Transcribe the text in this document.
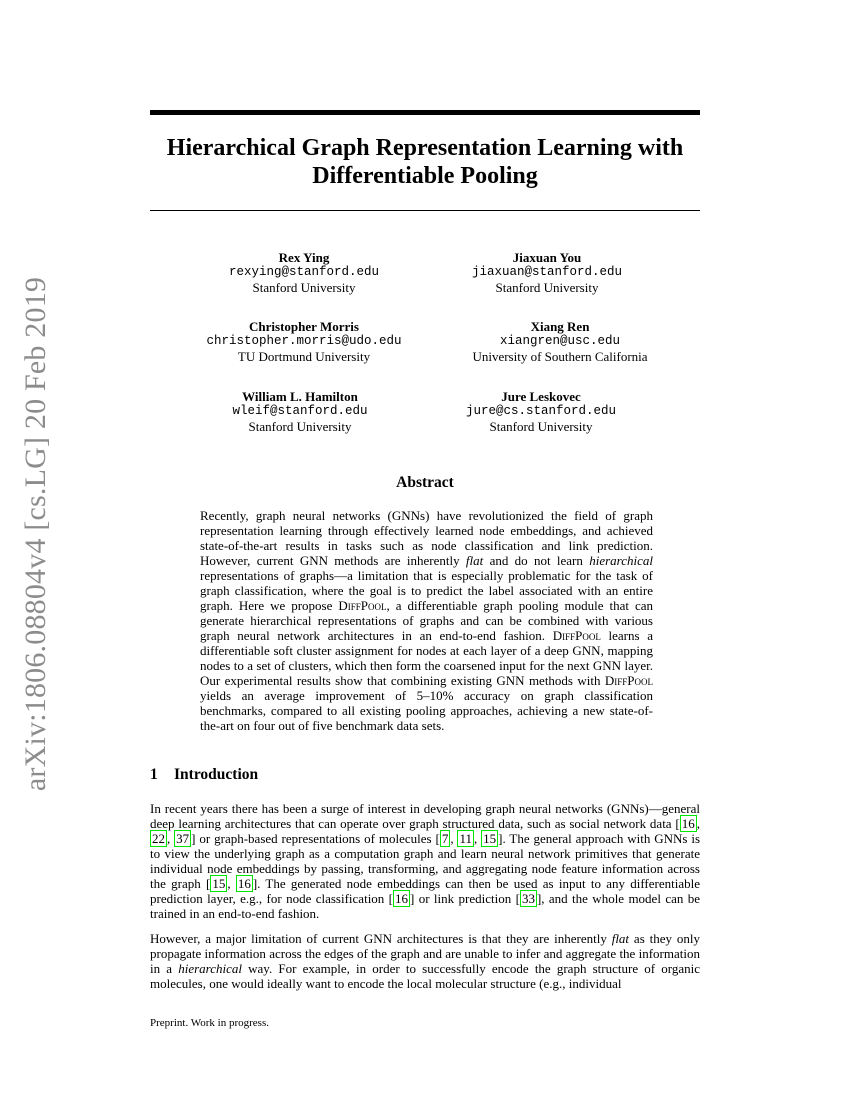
arXiv:1806.08804v4 [cs.LG] 20 Feb 2019
Hierarchical Graph Representation Learning with
Differentiable Pooling
Rex Ying
rexying@stanford.edu
Stanford University
Jiaxuan You
jiaxuan@stanford.edu
Stanford University
Christopher Morris
christopher.morris@udo.edu
TU Dortmund University
Xiang Ren
xiangren@usc.edu
University of Southern California
William L. Hamilton
wleif@stanford.edu
Stanford University
Jure Leskovec
jure@cs.stanford.edu
Stanford University
Abstract
Recently, graph neural networks (GNNs) have revolutionized the field of graph representation learning through effectively learned node embeddings, and achieved state-of-the-art results in tasks such as node classification and link prediction. However, current GNN methods are inherently flat and do not learn hierarchical representations of graphs—a limitation that is especially problematic for the task of graph classification, where the goal is to predict the label associated with an entire graph. Here we propose DiffPool, a differentiable graph pooling module that can generate hierarchical representations of graphs and can be combined with various graph neural network architectures in an end-to-end fashion. DiffPool learns a differentiable soft cluster assignment for nodes at each layer of a deep GNN, mapping nodes to a set of clusters, which then form the coarsened input for the next GNN layer. Our experimental results show that combining existing GNN methods with DiffPool yields an average improvement of 5–10% accuracy on graph classification benchmarks, compared to all existing pooling approaches, achieving a new state-of-the-art on four out of five benchmark data sets.
1 Introduction
In recent years there has been a surge of interest in developing graph neural networks (GNNs)—general deep learning architectures that can operate over graph structured data, such as social network data [ 16 , 22 , 37 ] or graph-based representations of molecules [ 7 , 11 , 15 ]. The general approach with GNNs is to view the underlying graph as a computation graph and learn neural network primitives that generate individual node embeddings by passing, transforming, and aggregating node feature information across the graph [ 15 , 16 ]. The generated node embeddings can then be used as input to any differentiable prediction layer, e.g., for node classification [ 16 ] or link prediction [ 33 ], and the whole model can be trained in an end-to-end fashion.
However, a major limitation of current GNN architectures is that they are inherently flat as they only propagate information across the edges of the graph and are unable to infer and aggregate the information in a hierarchical way. For example, in order to successfully encode the graph structure of organic molecules, one would ideally want to encode the local molecular structure (e.g., individual
Preprint. Work in progress.
